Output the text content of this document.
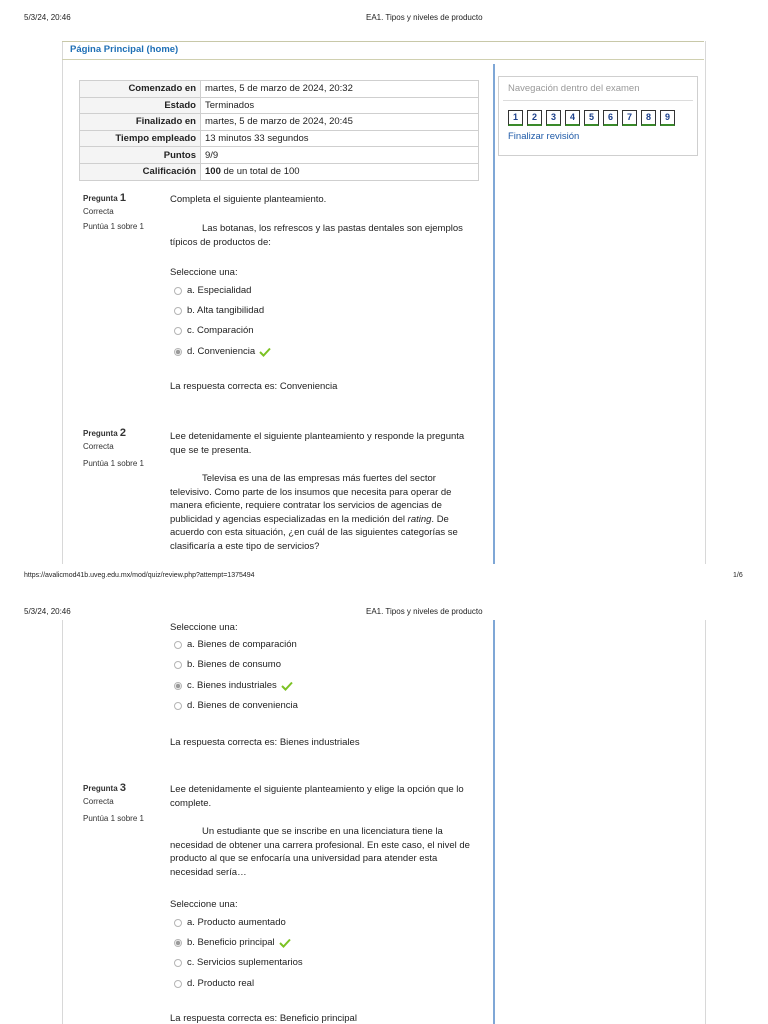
5/3/24, 20:46	EA1. Tipos y niveles de producto
Página Principal (home)
Comenzado en	martes, 5 de marzo de 2024, 20:32
Estado	Terminados
Finalizado en	martes, 5 de marzo de 2024, 20:45
Tiempo empleado	13 minutos 33 segundos
Puntos	9/9
Calificación	100 de un total de 100
Navegación dentro del examen
1	2	3	4	5	6	7	8	9
Finalizar revisión
Pregunta 1
Correcta
Puntúa 1 sobre 1
Completa el siguiente planteamiento.
Las botanas, los refrescos y las pastas dentales son ejemplos típicos de productos de:
Seleccione una:
a. Especialidad
b. Alta tangibilidad
c. Comparación
d. Conveniencia
La respuesta correcta es: Conveniencia
Pregunta 2
Correcta
Puntúa 1 sobre 1
Lee detenidamente el siguiente planteamiento y responde la pregunta que se te presenta.
Televisa es una de las empresas más fuertes del sector televisivo. Como parte de los insumos que necesita para operar de manera eficiente, requiere contratar los servicios de agencias de publicidad y agencias especializadas en la medición del rating. De acuerdo con esta situación, ¿en cuál de las siguientes categorías se clasificaría a este tipo de servicios?
https://avalicmod41b.uveg.edu.mx/mod/quiz/review.php?attempt=1375494	1/6
5/3/24, 20:46	EA1. Tipos y niveles de producto
Seleccione una:
a. Bienes de comparación
b. Bienes de consumo
c. Bienes industriales
d. Bienes de conveniencia
La respuesta correcta es: Bienes industriales
Pregunta 3
Correcta
Puntúa 1 sobre 1
Lee detenidamente el siguiente planteamiento y elige la opción que lo complete.
Un estudiante que se inscribe en una licenciatura tiene la necesidad de obtener una carrera profesional. En este caso, el nivel de producto al que se enfocaría una universidad para atender esta necesidad sería…
Seleccione una:
a. Producto aumentado
b. Beneficio principal
c. Servicios suplementarios
d. Producto real
La respuesta correcta es: Beneficio principal
